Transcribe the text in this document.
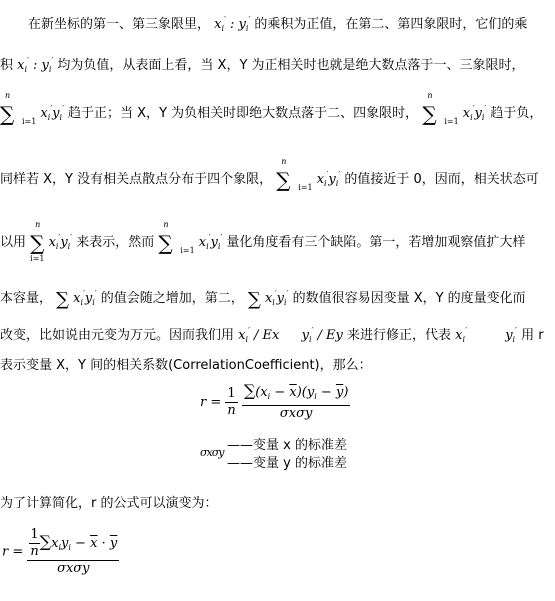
在新坐标的第一、第三象限里， $x_i'$ : $y_i'$ 的乘积为正值，在第二、第四象限时，它们的乘
积 $x_i'$ : $y_i'$ 均为负值，从表面上看，当 X，Y 为正相关时也就是绝大数点落于一、三象限时，
∑
n
i=1
$x_i'y_i'$ 趋于正；当 X，Y 为负相关时即绝大数点落于二、四象限时， ∑
n
i=1
$x_i'y_i'$ 趋于负，
同样若 X，Y 没有相关点散点分布于四个象限， ∑
n
i=1
$x_i'y_i'$ 的值接近于 0，因而，相关状态可
以用 ∑
n
i=1
$x_i'y_i'$ 来表示，然而 ∑
n
i=1
$x_i'y_i'$ 量化角度看有三个缺陷。第一，若增加观察值扩大样
本容量， ∑ $x_i'y_i'$ 的值会随之增加，第二， ∑ $x_i'y_i'$ 的数值很容易因变量 X，Y 的度量变化而
改变，比如说由元变为万元。因而我们用 $x_i'$ / Ex $y_i'$ / Ey 来进行修正，代表 $x_i'$	$y_i'$ 用 r
表示变量 X，Y 间的相关系数(CorrelationCoefficient)，那么：
$r = \frac{1}{n}$
$\frac{\sum(x_i - \overline{x})(y_i - \overline{y})}{\text{σxσy}}$
σxσy ——变量 x 的标准差
——变量 y 的标准差
为了计算简化，r 的公式可以演变为：
$r = \frac{\frac{1}{n} \sum x_iy_i - \overline{x} \cdot \overline{y}}{\text{σxσy}}$
